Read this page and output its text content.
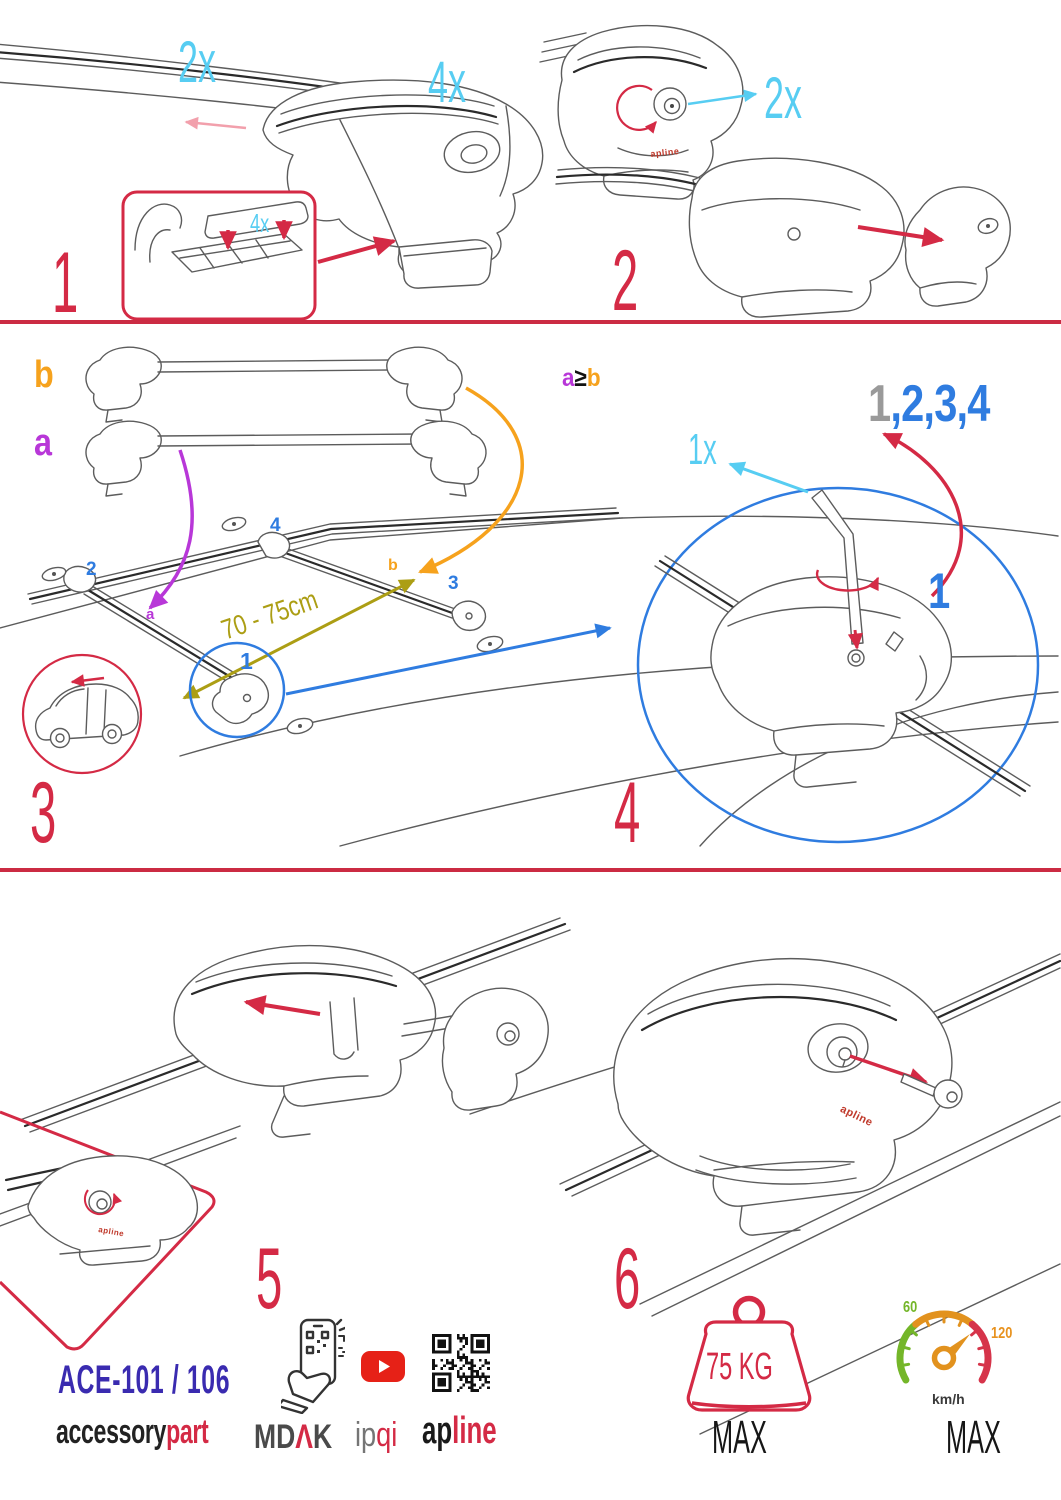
1
2x	4x
4x
2
2x
apline
3
b
a
2
4
3
b
a 70 - 75cm
1
4
a≥b	1,2,3,4
1x
1
5
apline	6
apline
ACE-101 / 106
accessorypart MDΛK ipqi apline
75 KG
MAX
60
120
km/h
MAX
